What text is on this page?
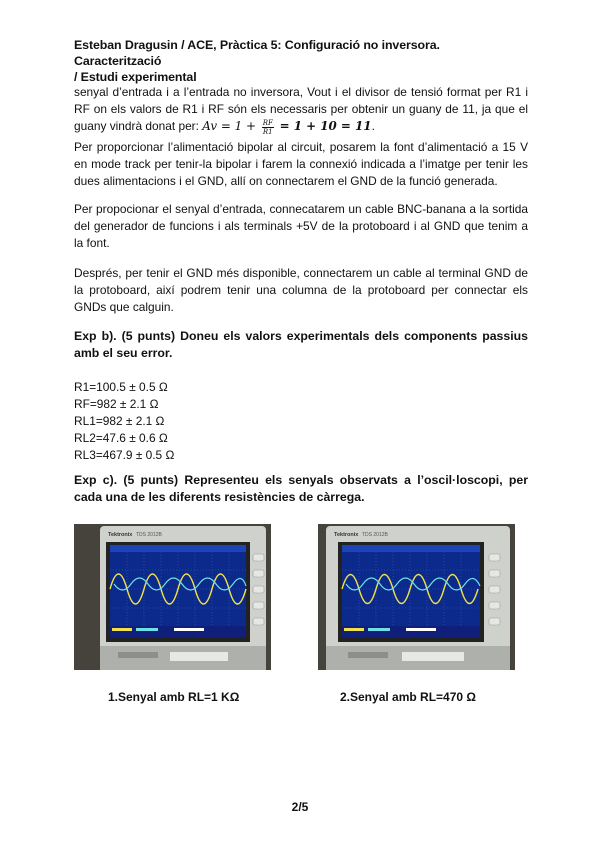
Esteban Dragusin / ACE, Pràctica 5: Configuració no inversora. Caracterització
/ Estudi experimental
senyal d’entrada i a l’entrada no inversora, Vout i el divisor de tensió format per R1 i RF on els valors de R1 i RF són els necessaris per obtenir un guany de 11, ja que el guany vindrà donat per: $Av = 1 + \frac{RF}{R1} = 1 + 10 = 11$.

Per proporcionar l’alimentació bipolar al circuit, posarem la font d’alimentació a 15 V en mode track per tenir-la bipolar i farem la connexió indicada a l’imatge per tenir les dues alimentacions i el GND, allí on connectarem el GND de la funció generada.

Per propocionar el senyal d’entrada, connecatarem un cable BNC-banana a la sortida del generador de funcions i als terminals +5V de la protoboard i al GND que tenim a la font.

Després, per tenir el GND més disponible, connectarem un cable al terminal GND de la protoboard, així podrem tenir una columna de la protoboard per connectar els GNDs que calguin.

Exp b). (5 punts) Doneu els valors experimentals dels components passius amb el seu error.
R1=100.5 ± 0.5 Ω
RF=982 ± 2.1 Ω
RL1=982 ± 2.1 Ω
RL2=47.6 ± 0.6 Ω
RL3=467.9 ± 0.5 Ω
Exp c). (5 punts) Representeu els senyals observats a l’oscil·loscopi, per cada una de les diferents resistències de càrrega.
Tektronix TDS 2012B	Tektronix TDS 2012B
1.Senyal amb RL=1 KΩ	2.Senyal amb RL=470 Ω
2/5
